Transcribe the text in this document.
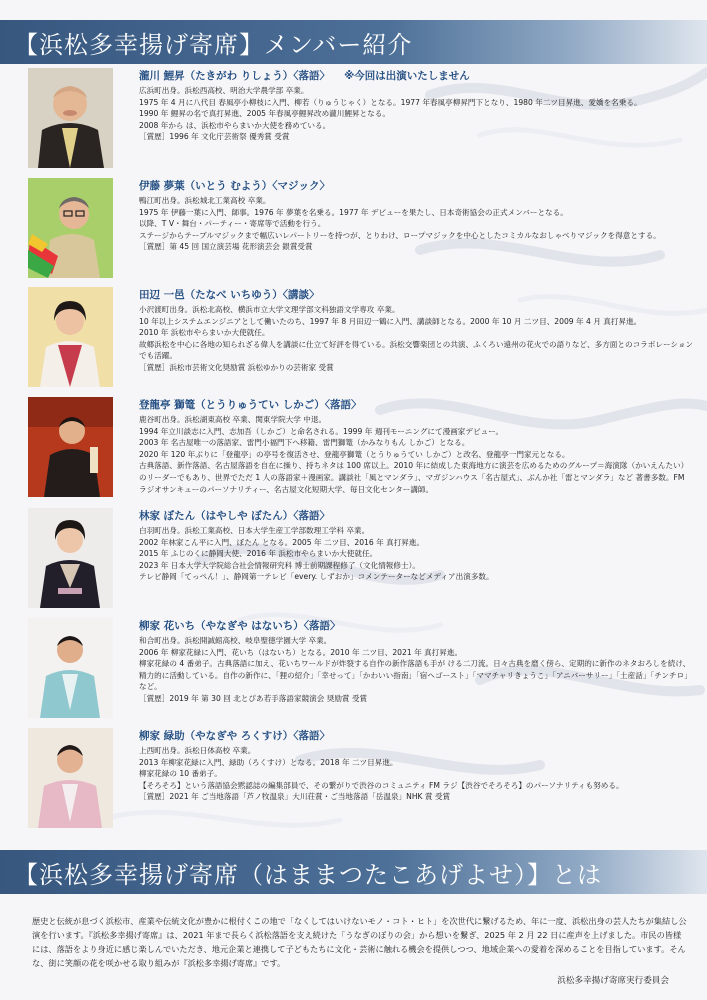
【浜松多幸揚げ寄席】メンバー紹介
瀧川 鯉昇（たきがわ りしょう）〈落語〉 ※今回は出演いたしません

広浜町出身。浜松西高校、明治大学農学部 卒業。

1975 年 4 月に八代目 春風亭小柳枝に入門、柳若（りゅうじゃく）となる。1977 年春風亭柳昇門下となり、1980 年二ツ目昇進、愛嬌を名乗る。

1990 年 鯉昇の名で真打昇進、2005 年春風亭鯉昇改め瀧川鯉昇となる。

2008 年から は、浜松市やらまいか大使を務めている。

［賞歴］1996 年 文化庁芸術祭 優秀賞 受賞

伊藤 夢葉（いとう むよう）〈マジック〉

鴨江町出身。浜松城北工業高校 卒業。

1975 年 伊藤一葉に入門、師事。1976 年 夢葉を名乗る。1977 年 デビューを果たし、日本奇術協会の正式メンバーとなる。

以降、T V・舞台・パーティー・寄席等で活動を行う。

ステージからテーブルマジックまで幅広いレパートリーを持つが、とりわけ、ロープマジックを中心としたコミカルなおしゃべりマジックを得意とする。

［賞歴］第 45 回 国立演芸場 花形演芸会 銀賞受賞

田辺 一邑（たなべ いちゆう）〈講談〉

小沢渡町出身。浜松北高校、横浜市立大学文理学部文科独語文学専攻 卒業。

10 年以上システムエンジニアとして働いたのち、1997 年 8 月田辺一鶴に入門、講談師となる。2000 年 10 月 二ツ目、2009 年 4 月 真打昇進。

2010 年 浜松市やらまいか大使就任。

故郷浜松を中心に各地の知られざる偉人を講談に仕立て好評を得ている。浜松交響楽団との共演、ふくろい遠州の花火での語りなど、多方面とのコラボレーションでも活躍。

［賞歴］浜松市芸術文化奨励賞 浜松ゆかりの芸術家 受賞

登龍亭 獅篭（とうりゅうてい しかご）〈落語〉

鹿谷町出身。浜松湖東高校 卒業、関東学院大学 中退。

1994 年立川談志に入門、志加吾（しかご）と命名される。1999 年 週刊モーニングにて漫画家デビュー。

2003 年 名古屋唯一の落語家、雷門小福門下へ移籍、雷門獅篭（かみなりもん しかご）となる。

2020 年 120 年ぶりに「登龍亭」の亭号を復活させ、登龍亭獅篭（とうりゅうてい しかご）と改名、登龍亭一門家元となる。

古典落語、新作落語、名古屋落語を自在に操り、持ちネタは 100 席以上。2010 年に結成した東海地方に演芸を広めるためのグループ＝海演隊（かいえんたい）のリーダーでもあり、世界でただ 1 人の落語家＋漫画家。講談社「風とマンダラ」、マガジンハウス「名古屋式」、ぶんか社「雷とマンダラ」など 著書多数。FM ラジオサンキューのパーソナリティー、名古屋文化短期大学、毎日文化センター講師。

林家 ぼたん（はやしや ぼたん）〈落語〉

白羽町出身。浜松工業高校、日本大学生産工学部数理工学科 卒業。

2002 年林家こん平に入門、ぼたん となる。2005 年 二ツ目、2016 年 真打昇進。

2015 年 ふじのくに静岡大使、2016 年 浜松市やらまいか大使就任。

2023 年 日本大学大学院総合社会情報研究科 博士前期課程修了（文化情報修士）。

テレビ静岡「てっぺん！」、静岡第一テレビ「every. しずおか」コメンテーターなどメディア出演多数。

柳家 花いち（やなぎや はないち）〈落語〉

和合町出身。浜松開誠館高校、岐阜聖徳学園大学 卒業。

2006 年 柳家花緑に入門、花いち（はないち）となる。2010 年 二ツ目、2021 年 真打昇進。

柳家花緑の 4 番弟子。古典落語に加え、花いちワールドが炸裂する自作の新作落語も手が ける二刀流。日々古典を磨く傍ら、定期的に新作のネタおろしを続け、精力的に活動している。自作の新作に、「狸の紹介」「幸せって」「かわいい指南」「宿ヘゴースト」「ママチャリきょうこ」「アニバーサリー」「土産話」「チンチロ」など。

［賞歴］2019 年 第 30 回 北とぴあ若手落語家競演会 奨励賞 受賞

柳家 緑助（やなぎや ろくすけ）〈落語〉

上西町出身。浜松日体高校 卒業。

2013 年柳家花緑に入門、緑助（ろくすけ）となる。2018 年 二ツ目昇進。

柳家花緑の 10 番弟子。

【そろそろ】という落語協会黙認誌の編集部員で、その繋がりで渋谷のコミュニティ FM ラジ【渋谷でそろそろ】のパーソナリティも努める。

［賞歴］2021 年 ご当地落語「芦ノ牧温泉」大川荘賞・ご当地落語「岳温泉」NHK 賞 受賞

【浜松多幸揚げ寄席（はままつたこあげよせ）】とは
歴史と伝統が息づく浜松市、産業や伝統文化が豊かに根付くこの地で「なくしてはいけないモノ・コト・ヒト」を次世代に繋げるため、年に一度、浜松出身の芸人たちが集結し公演を行います。『浜松多幸揚げ寄席』は、2021 年まで長らく浜松落語を支え続けた「うなぎのぼりの会」から想いを繋ぎ、2025 年 2 月 22 日に産声を上げました。市民の皆様には、落語をより身近に感じ楽しんでいただき、地元企業と連携して子どもたちに文化・芸術に触れる機会を提供しつつ、地域企業への愛着を深めることを目指しています。そんな、街に笑顔の花を咲かせる取り組みが『浜松多幸揚げ寄席』です。
浜松多幸揚げ寄席実行委員会
